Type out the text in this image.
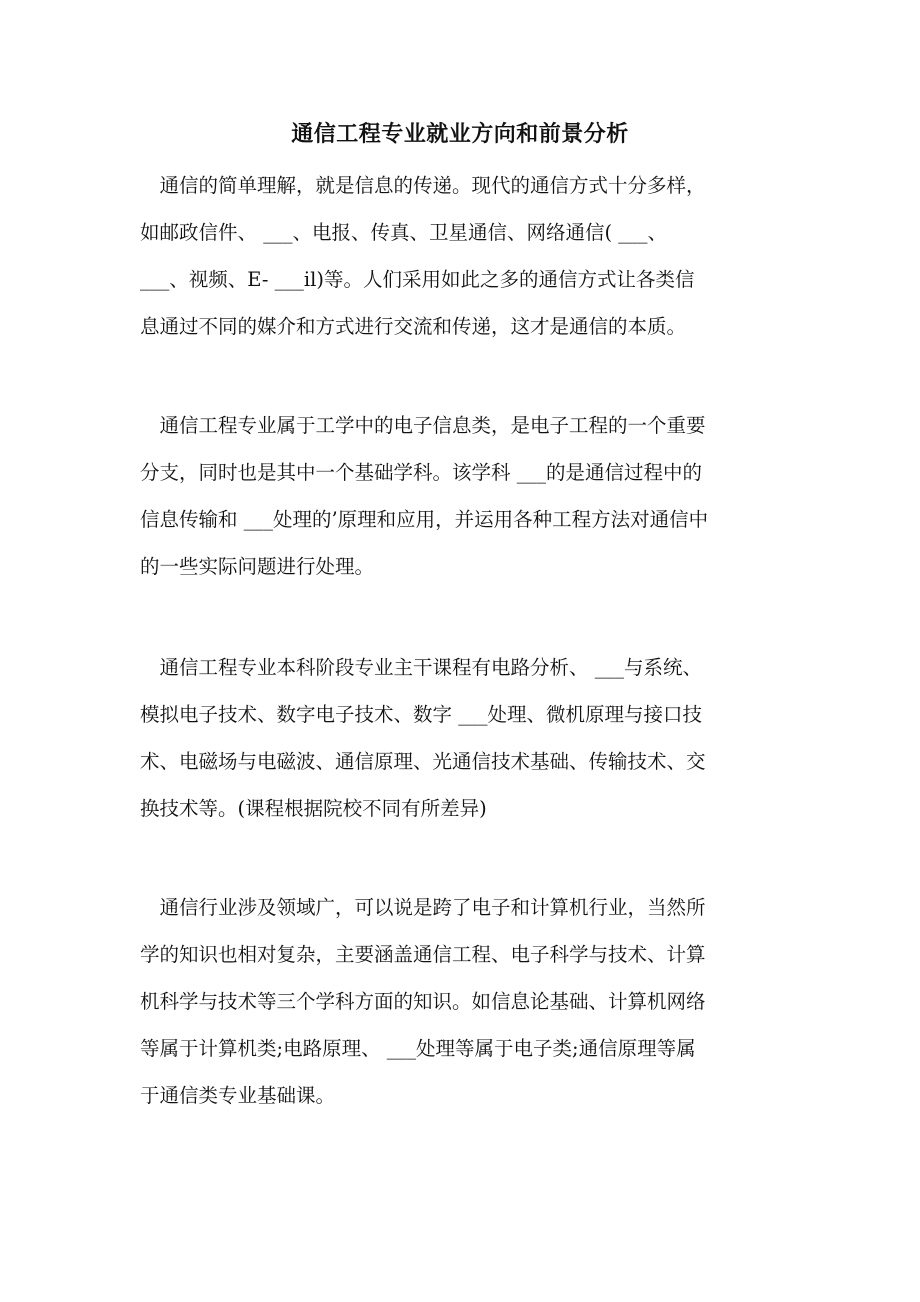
通信工程专业就业方向和前景分析
　通信的简单理解，就是信息的传递。现代的通信方式十分多样，
如邮政信件、 ___、电报、传真、卫星通信、网络通信( ___、
___、视频、E- ___il)等。人们采用如此之多的通信方式让各类信
息通过不同的媒介和方式进行交流和传递，这才是通信的本质。
　通信工程专业属于工学中的电子信息类，是电子工程的一个重要
分支，同时也是其中一个基础学科。该学科 ___的是通信过程中的
信息传输和 ___处理的’原理和应用，并运用各种工程方法对通信中
的一些实际问题进行处理。
　通信工程专业本科阶段专业主干课程有电路分析、 ___与系统、
模拟电子技术、数字电子技术、数字 ___处理、微机原理与接口技
术、电磁场与电磁波、通信原理、光通信技术基础、传输技术、交
换技术等。(课程根据院校不同有所差异)
　通信行业涉及领域广，可以说是跨了电子和计算机行业，当然所
学的知识也相对复杂，主要涵盖通信工程、电子科学与技术、计算
机科学与技术等三个学科方面的知识。如信息论基础、计算机网络
等属于计算机类;电路原理、 ___处理等属于电子类;通信原理等属
于通信类专业基础课。
